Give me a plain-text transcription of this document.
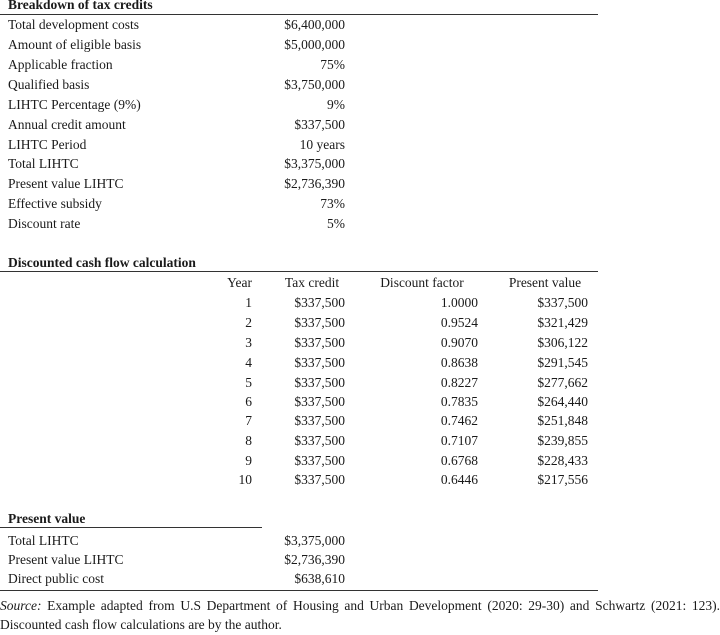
Breakdown of tax credits
Total development costs	$6,400,000
Amount of eligible basis	$5,000,000
Applicable fraction	75%
Qualified basis	$3,750,000
LIHTC Percentage (9%)	9%
Annual credit amount	$337,500
LIHTC Period	10 years
Total LIHTC	$3,375,000
Present value LIHTC	$2,736,390
Effective subsidy	73%
Discount rate	5%
Discounted cash flow calculation
Year	Tax credit	Discount factor	Present value
1	$337,500	1.0000	$337,500
2	$337,500	0.9524	$321,429
3	$337,500	0.9070	$306,122
4	$337,500	0.8638	$291,545
5	$337,500	0.8227	$277,662
6	$337,500	0.7835	$264,440
7	$337,500	0.7462	$251,848
8	$337,500	0.7107	$239,855
9	$337,500	0.6768	$228,433
10	$337,500	0.6446	$217,556
Present value
Total LIHTC	$3,375,000
Present value LIHTC	$2,736,390
Direct public cost	$638,610
Source: Example adapted from U.S Department of Housing and Urban Development (2020: 29-30) and Schwartz (2021: 123). Discounted cash flow calculations are by the author.
